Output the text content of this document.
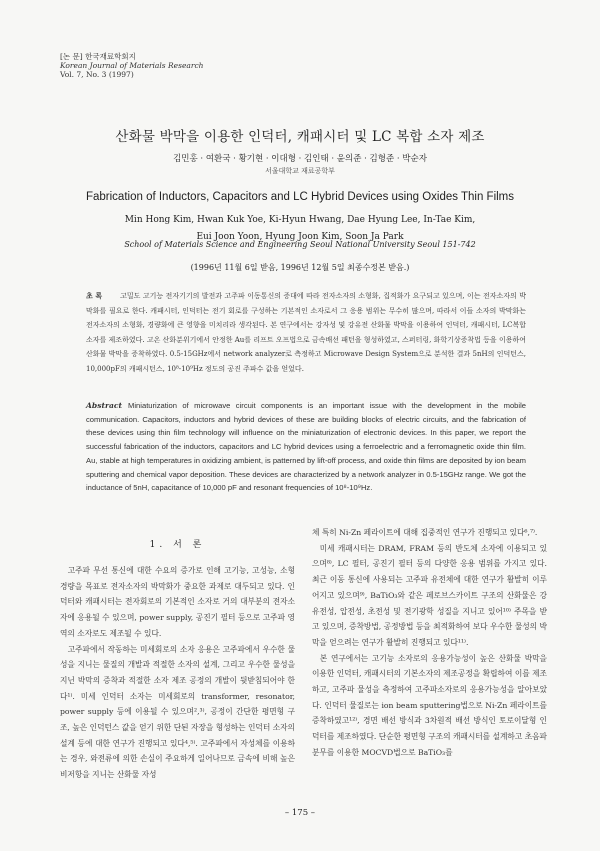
[논 문] 한국재료학회지
Korean Journal of Materials Research
Vol. 7, No. 3 (1997)
산화물 박막을 이용한 인덕터, 캐패시터 및 LC 복합 소자 제조
김민홍 · 여환국 · 황기현 · 이대형 · 김인태 · 윤의준 · 김형준 · 박순자
서울대학교 재료공학부
Fabrication of Inductors, Capacitors and LC Hybrid Devices using Oxides Thin Films
Min Hong Kim, Hwan Kuk Yoe, Ki-Hyun Hwang, Dae Hyung Lee, In-Tae Kim,
Eui Joon Yoon, Hyung Joon Kim, Soon Ja Park
School of Materials Science and Engineering Seoul National University Seoul 151-742
(1996년 11월 6일 받음, 1996년 12월 5일 최종수정본 받음.)
초 록	고밀도 고기능 전자기기의 발전과 고주파 이동통신의 증대에 따라 전자소자의 소형화, 집적화가 요구되고 있으며, 이는 전자소자의 박막화를 필요로 한다. 캐패시터, 인덕터는 전기 회로를 구성하는 기본적인 소자로서 그 응용 범위는 무수히 많으며, 따라서 이들 소자의 박막화는 전자소자의 소형화, 경량화에 큰 영향을 미치리라 생각된다. 본 연구에서는 강자성 및 강유전 산화물 박막을 이용하여 인덕터, 캐패시터, LC복합소자를 제조하였다. 고온 산화분위기에서 안정한 Au를 리프트 오프법으로 금속배선 패턴을 형성하였고, 스퍼터링, 화학기상증착법 등을 이용하여 산화물 박막을 증착하였다. 0.5-15GHz에서 network analyzer로 측정하고 Microwave Design System으로 분석한 결과 5nH의 인덕턴스, 10,000pF의 캐패시턴스, 10⁸-10⁹Hz 정도의 공진 주파수 값을 얻었다.
Abstract Miniaturization of microwave circuit components is an important issue with the development in the mobile communication. Capacitors, inductors and hybrid devices of these are building blocks of electric circuits, and the fabrication of these devices using thin film technology will influence on the miniaturization of electronic devices. In this paper, we report the successful fabrication of the inductors, capacitors and LC hybrid devices using a ferroelectric and a ferromagnetic oxide thin film. Au, stable at high temperatures in oxidizing ambient, is patterned by lift-off process, and oxide thin films are deposited by ion beam sputtering and chemical vapor deposition. These devices are characterized by a network analyzer in 0.5-15GHz range. We got the inductance of 5nH, capacitance of 10,000 pF and resonant frequencies of 10⁸-10⁹Hz.
1. 서 론

고주파 무선 통신에 대한 수요의 증가로 인해 고기능, 고성능, 소형 경량을 목표로 전자소자의 박막화가 중요한 과제로 대두되고 있다. 인덕터와 캐패시터는 전자회로의 기본적인 소자로 거의 대부분의 전자소자에 응용될 수 있으며, power supply, 공진기 필터 등으로 고주파 영역의 소자로도 제조될 수 있다.

고주파에서 작동하는 미세회로의 소자 응용은 고주파에서 우수한 물성을 지니는 물질의 개발과 적절한 소자의 설계, 그리고 우수한 물성을 지닌 박막의 증착과 적절한 소자 제조 공정의 개발이 뒷받침되어야 한다¹⁾. 미세 인덕터 소자는 미세회로의 transformer, resonator, power supply 등에 이용될 수 있으며²,³⁾, 공정이 간단한 평면형 구조, 높은 인덕턴스 값을 얻기 위한 단된 자장을 형성하는 인덕터 소자의 설계 등에 대한 연구가 진행되고 있다⁴,⁵⁾. 고주파에서 자성체를 이용하는 경우, 와전류에 의한 손실이 주요하게 일어나므로 금속에 비해 높은 비저항을 지니는 산화물 자성

체 특히 Ni-Zn 페라이트에 대해 집중적인 연구가 진행되고 있다⁶,⁷⁾.

미세 캐패시터는 DRAM, FRAM 등의 반도체 소자에 이용되고 있으며⁸⁾, LC 필터, 공진기 필터 등의 다양한 응용 범위를 가지고 있다. 최근 이동 통신에 사용되는 고주파 유전체에 대한 연구가 활발히 이루어지고 있으며⁹⁾, BaTiO₃와 같은 페로브스카이트 구조의 산화물은 강유전성, 압전성, 초전성 및 전기광학 성질을 지니고 있어¹⁰⁾ 주목을 받고 있으며, 증착방법, 공정방법 등을 최적화하여 보다 우수한 물성의 박막을 얻으려는 연구가 활발히 진행되고 있다¹¹⁾.

본 연구에서는 고기능 소자로의 응용가능성이 높은 산화물 박막을 이용한 인덕터, 캐패시터의 기본소자의 제조공정을 확립하여 이를 제조하고, 고주파 물성을 측정하여 고주파소자로의 응용가능성을 알아보았다. 인덕터 물질로는 ion beam sputtering법으로 Ni-Zn 페라이트를 증착하였고¹²⁾, 경면 배선 방식과 3차원적 배선 방식인 토로이달형 인덕터를 제조하였다. 단순한 평면형 구조의 캐패시터를 설계하고 초음파 분무를 이용한 MOCVD법으로 BaTiO₃를

– 175 –
